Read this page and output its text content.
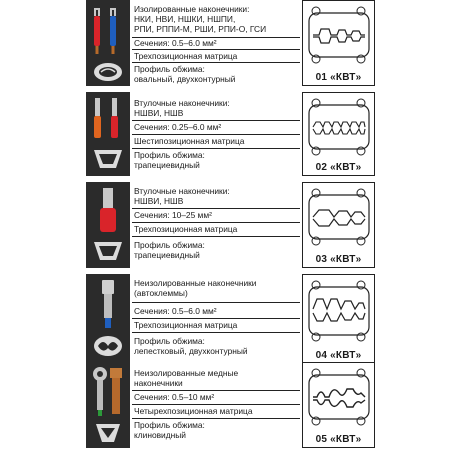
Изолированные наконечники:
НКИ, НВИ, НШКИ, НШПИ,
РПИ, РППИ-М, РШИ, РПИ-О, ГСИ
Сечения: 0.5–6.0 мм²
Трехпозиционная матрица
Профиль обжима:
овальный, двухконтурный	01 «КВТ»
Втулочные наконечники:
НШВИ, НШВ
Сечения: 0.25–6.0 мм²
Шестипозиционная матрица
Профиль обжима:
трапециевидный	02 «КВТ»
Втулочные наконечники:
НШВИ, НШВ
Сечения: 10–25 мм²
Трехпозиционная матрица
Профиль обжима:
трапециевидный	03 «КВТ»
Неизолированные наконечники
(автоклеммы)
Сечения: 0.5–6.0 мм²
Трехпозиционная матрица
Профиль обжима:
лепестковый, двухконтурный	04 «КВТ»
Неизолированные медные
наконечники
Сечения: 0.5–10 мм²
Четырехпозиционная матрица
Профиль обжима:
клиновидный	05 «КВТ»
